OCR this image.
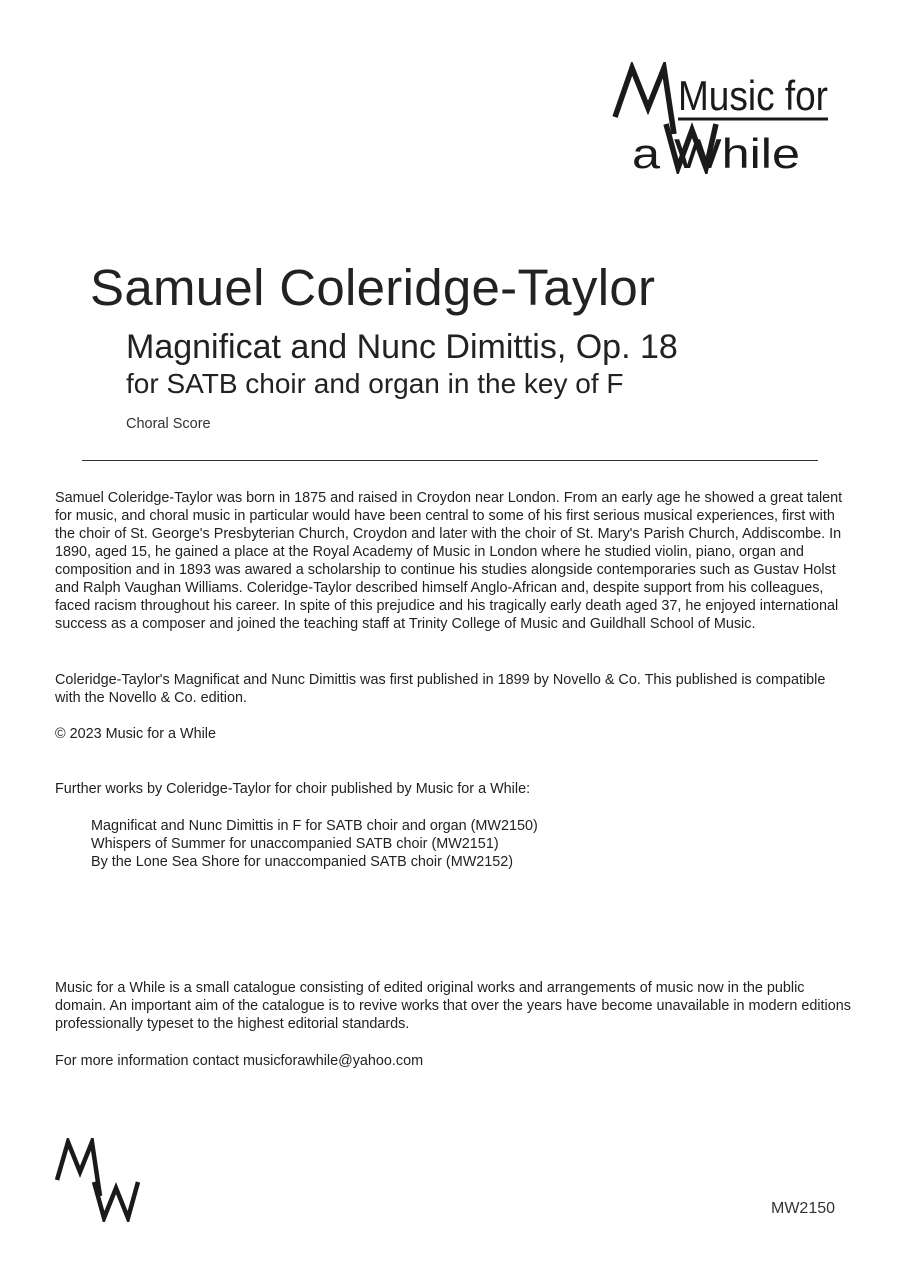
Music for
a While
Samuel Coleridge-Taylor
Magnificat and Nunc Dimittis, Op. 18
for SATB choir and organ in the key of F
Choral Score

Samuel Coleridge-Taylor was born in 1875 and raised in Croydon near London. From an early age he showed a great talent for music, and choral music in particular would have been central to some of his first serious musical experiences, first with the choir of St. George's Presbyterian Church, Croydon and later with the choir of St. Mary's Parish Church, Addiscombe. In 1890, aged 15, he gained a place at the Royal Academy of Music in London where he studied violin, piano, organ and composition and in 1893 was awared a scholarship to continue his studies alongside contemporaries such as Gustav Holst and Ralph Vaughan Williams. Coleridge-Taylor described himself Anglo-African and, despite support from his colleagues, faced racism throughout his career. In spite of this prejudice and his tragically early death aged 37, he enjoyed international success as a composer and joined the teaching staff at Trinity College of Music and Guildhall School of Music.

Coleridge-Taylor's Magnificat and Nunc Dimittis was first published in 1899 by Novello & Co. This published is compatible with the Novello & Co. edition.

© 2023 Music for a While

Further works by Coleridge-Taylor for choir published by Music for a While:

Magnificat and Nunc Dimittis in F for SATB choir and organ (MW2150)
Whispers of Summer for unaccompanied SATB choir (MW2151)
By the Lone Sea Shore for unaccompanied SATB choir (MW2152)

Music for a While is a small catalogue consisting of edited original works and arrangements of music now in the public domain. An important aim of the catalogue is to revive works that over the years have become unavailable in modern editions professionally typeset to the highest editorial standards.

For more information contact musicforawhile@yahoo.com

MW2150
